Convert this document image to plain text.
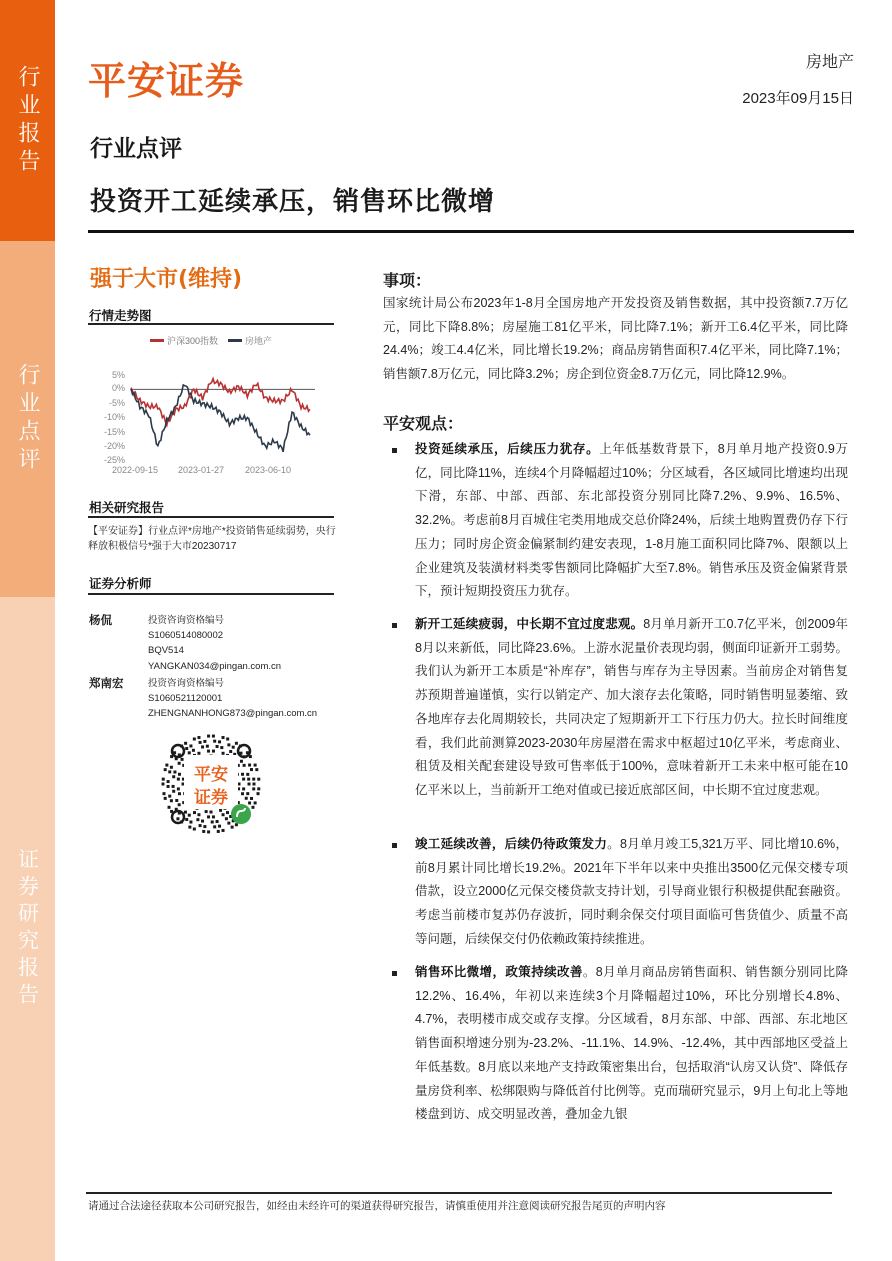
行业报告
行业点评
证券研究报告
平安证券	房地产
2023年09月15日
行业点评
投资开工延续承压，销售环比微增
强于大市(维持)
行情走势图
沪深300指数	房地产
5%
0%
-5%
-10%
-15%
-20%
-25%
2022-09-15 2023-01-27 2023-06-10
相关研究报告
【平安证券】行业点评*房地产*投资销售延续弱势，央行释放积极信号*强于大市20230717
证券分析师
杨侃	投资咨询资格编号
S1060514080002
BQV514
YANGKAN034@pingan.com.cn
郑南宏	投资咨询资格编号
S1060521120001
ZHENGNANHONG873@pingan.com.cn
平安
证券
事项：
国家统计局公布2023年1-8月全国房地产开发投资及销售数据，其中投资额7.7万亿元，同比下降8.8%；房屋施工81亿平米，同比降7.1%；新开工6.4亿平米，同比降24.4%；竣工4.4亿米，同比增长19.2%；商品房销售面积7.4亿平米，同比降7.1%；销售额7.8万亿元，同比降3.2%；房企到位资金8.7万亿元，同比降12.9%。
平安观点：
投资延续承压，后续压力犹存。上年低基数背景下，8月单月地产投资0.9万亿，同比降11%，连续4个月降幅超过10%；分区域看，各区域同比增速均出现下滑，东部、中部、西部、东北部投资分别同比降7.2%、9.9%、16.5%、32.2%。考虑前8月百城住宅类用地成交总价降24%，后续土地购置费仍存下行压力；同时房企资金偏紧制约建安表现，1-8月施工面积同比降7%、限额以上企业建筑及装潢材料类零售额同比降幅扩大至7.8%。销售承压及资金偏紧背景下，预计短期投资压力犹存。
新开工延续疲弱，中长期不宜过度悲观。8月单月新开工0.7亿平米，创2009年8月以来新低，同比降23.6%。上游水泥量价表现均弱，侧面印证新开工弱势。我们认为新开工本质是“补库存”，销售与库存为主导因素。当前房企对销售复苏预期普遍谨慎，实行以销定产、加大滚存去化策略，同时销售明显萎缩、致各地库存去化周期较长，共同决定了短期新开工下行压力仍大。拉长时间维度看，我们此前测算2023-2030年房屋潜在需求中枢超过10亿平米，考虑商业、租赁及相关配套建设导致可售率低于100%，意味着新开工未来中枢可能在10亿平米以上，当前新开工绝对值或已接近底部区间，中长期不宜过度悲观。
竣工延续改善，后续仍待政策发力。8月单月竣工5,321万平、同比增10.6%，前8月累计同比增长19.2%。2021年下半年以来中央推出3500亿元保交楼专项借款，设立2000亿元保交楼贷款支持计划，引导商业银行积极提供配套融资。考虑当前楼市复苏仍存波折，同时剩余保交付项目面临可售货值少、质量不高等问题，后续保交付仍依赖政策持续推进。
销售环比微增，政策持续改善。8月单月商品房销售面积、销售额分别同比降12.2%、16.4%，年初以来连续3个月降幅超过10%，环比分别增长4.8%、4.7%，表明楼市成交或存支撑。分区域看，8月东部、中部、西部、东北地区销售面积增速分别为-23.2%、-11.1%、14.9%、-12.4%，其中西部地区受益上年低基数。8月底以来地产支持政策密集出台，包括取消“认房又认贷”、降低存量房贷利率、松绑限购与降低首付比例等。克而瑞研究显示，9月上旬北上等地楼盘到访、成交明显改善，叠加金九银
请通过合法途径获取本公司研究报告，如经由未经许可的渠道获得研究报告，请慎重使用并注意阅读研究报告尾页的声明内容
